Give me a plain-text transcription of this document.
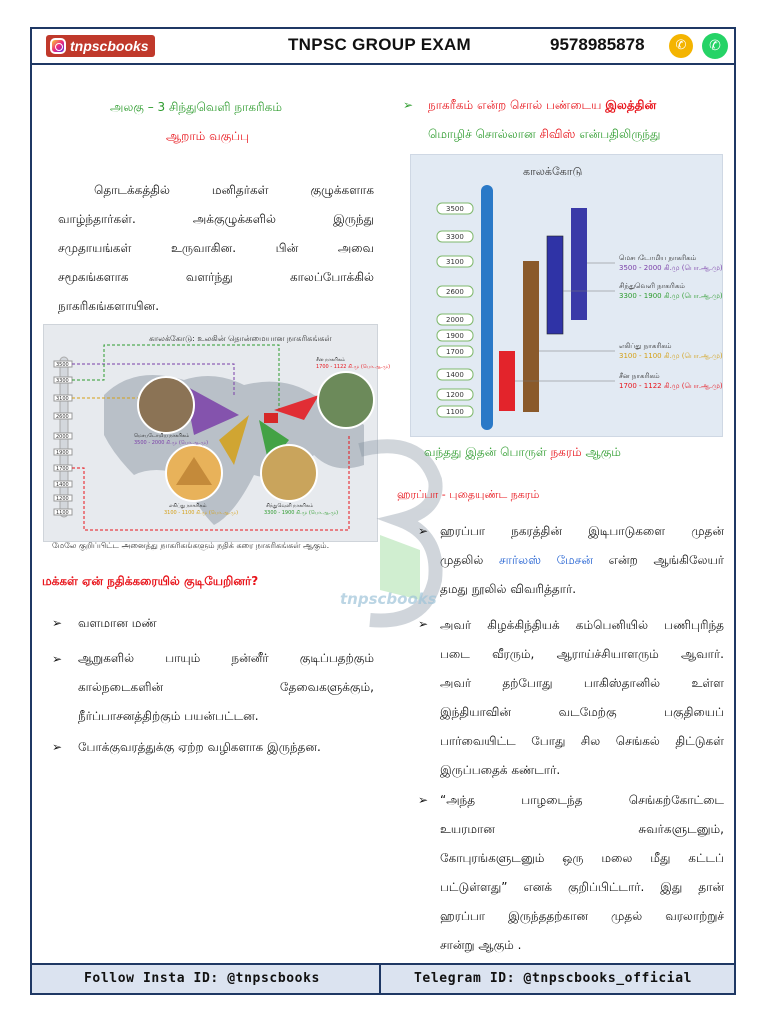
tnpscbooks	TNPSC GROUP EXAM	9578985878	✆	✆
அலகு – 3 சிந்துவெளி நாகரிகம்
ஆறாம் வகுப்பு
தொடக்கத்தில் மனிதர்கள் குழுக்களாக
வாழ்ந்தார்கள். அக்குழுக்களில் இருந்து
சமுதாயங்கள் உருவாகின. பின் அவை
சமூகங்களாக வளர்ந்து காலப்போக்கில்
நாகரிகங்களாயின.
காலக்கோடு: உலகின் தொன்மையான நாகரிகங்கள்
3500
3300
3100
2600
2000
1900
1700
1400
1200
1100
சீன நாகரிகம்
1700 - 1122 கி.மு (பொ.ஆ.மு)
மெசபடோமிய நாகரிகம்
3500 - 2000 கி.மு (பொ.ஆ.மு)
எகிப்து நாகரிகம்
3100 - 1100 கி.மு (பொ.ஆ.மு)
சிந்துவெளி நாகரிகம்
3300 - 1900 கி.மு (பொ.ஆ.மு)
மேலே குறிப்பிட்ட அனைத்து நாகரிகங்களும் நதிக் கரை நாகரிகங்கள் ஆகும்.
மக்கள் ஏன் நதிக்கரையில் குடியேறினர்?
➢ வளமான மண்
➢ ஆறுகளில் பாயும் நன்னீர் குடிப்பதற்கும்
கால்நடைகளின் தேவைகளுக்கும்,
நீர்ப்பாசனத்திற்கும் பயன்பட்டன.
➢ போக்குவரத்துக்கு ஏற்ற வழிகளாக இருந்தன.
tnpscbooks
➢ நாகரீகம் என்ற சொல் பண்டைய இலத்தின்
மொழிச் சொல்லான சிவிஸ் என்பதிலிருந்து
காலக்கோடு
3500
3300
3100
2600
2000
1900
1700
1400
1200
1100
மெசபடோமிய நாகரிகம்
3500 - 2000 கி.மு (பொ.ஆ.மு)
சிந்துவெளி நாகரிகம்
3300 - 1900 கி.மு (பொ.ஆ.மு)
எகிப்து நாகரிகம்
3100 - 1100 கி.மு (பொ.ஆ.மு)
சீன நாகரிகம்
1700 - 1122 கி.மு (பொ.ஆ.மு)
வந்தது இதன் பொருள் நகரம் ஆகும்
ஹரப்பா - புதையுண்ட நகரம்
➢ ஹரப்பா நகரத்தின் இடிபாடுகளை முதன்
முதலில் சார்லஸ் மேசன் என்ற ஆங்கிலேயர்
தமது நூலில் விவரித்தார்.
➢ அவர் கிழக்கிந்தியக் கம்பெனியில் பணிபுரிந்த
படை வீரரும், ஆராய்ச்சியாளரும் ஆவார்.
அவர் தற்போது பாகிஸ்தானில் உள்ள
இந்தியாவின் வடமேற்கு பகுதியைப்
பார்வையிட்ட போது சில செங்கல் திட்டுகள்
இருப்பதைக் கண்டார்.
➢ “அந்த பாழடைந்த செங்கற்கோட்டை
உயரமான சுவர்களுடனும்,
கோபுரங்களுடனும் ஒரு மலை மீது கட்டப்
பட்டுள்ளது” எனக் குறிப்பிட்டார். இது தான்
ஹரப்பா இருந்ததற்கான முதல் வரலாற்றுச்
சான்று ஆகும் .
Follow Insta ID: @tnpscbooks	Telegram ID: @tnpscbooks_official
